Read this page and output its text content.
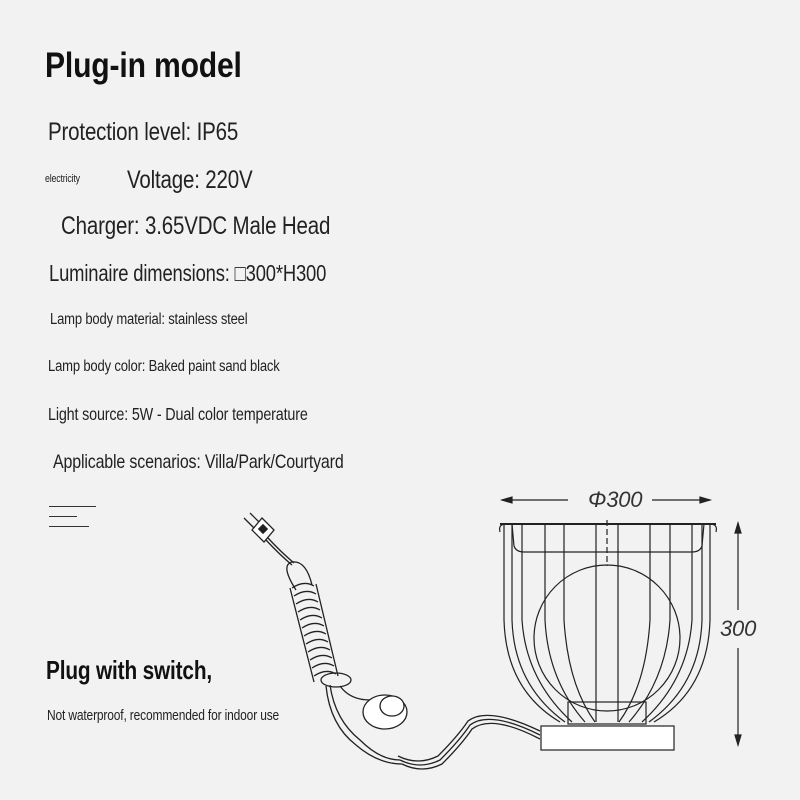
Plug-in model
Protection level: IP65
electricity Voltage: 220V
Charger: 3.65VDC Male Head
Luminaire dimensions: □300*H300
Lamp body material: stainless steel
Lamp body color: Baked paint sand black
Light source: 5W - Dual color temperature
Applicable scenarios: Villa/Park/Courtyard
Plug with switch,
Not waterproof, recommended for indoor use
Φ300
300
